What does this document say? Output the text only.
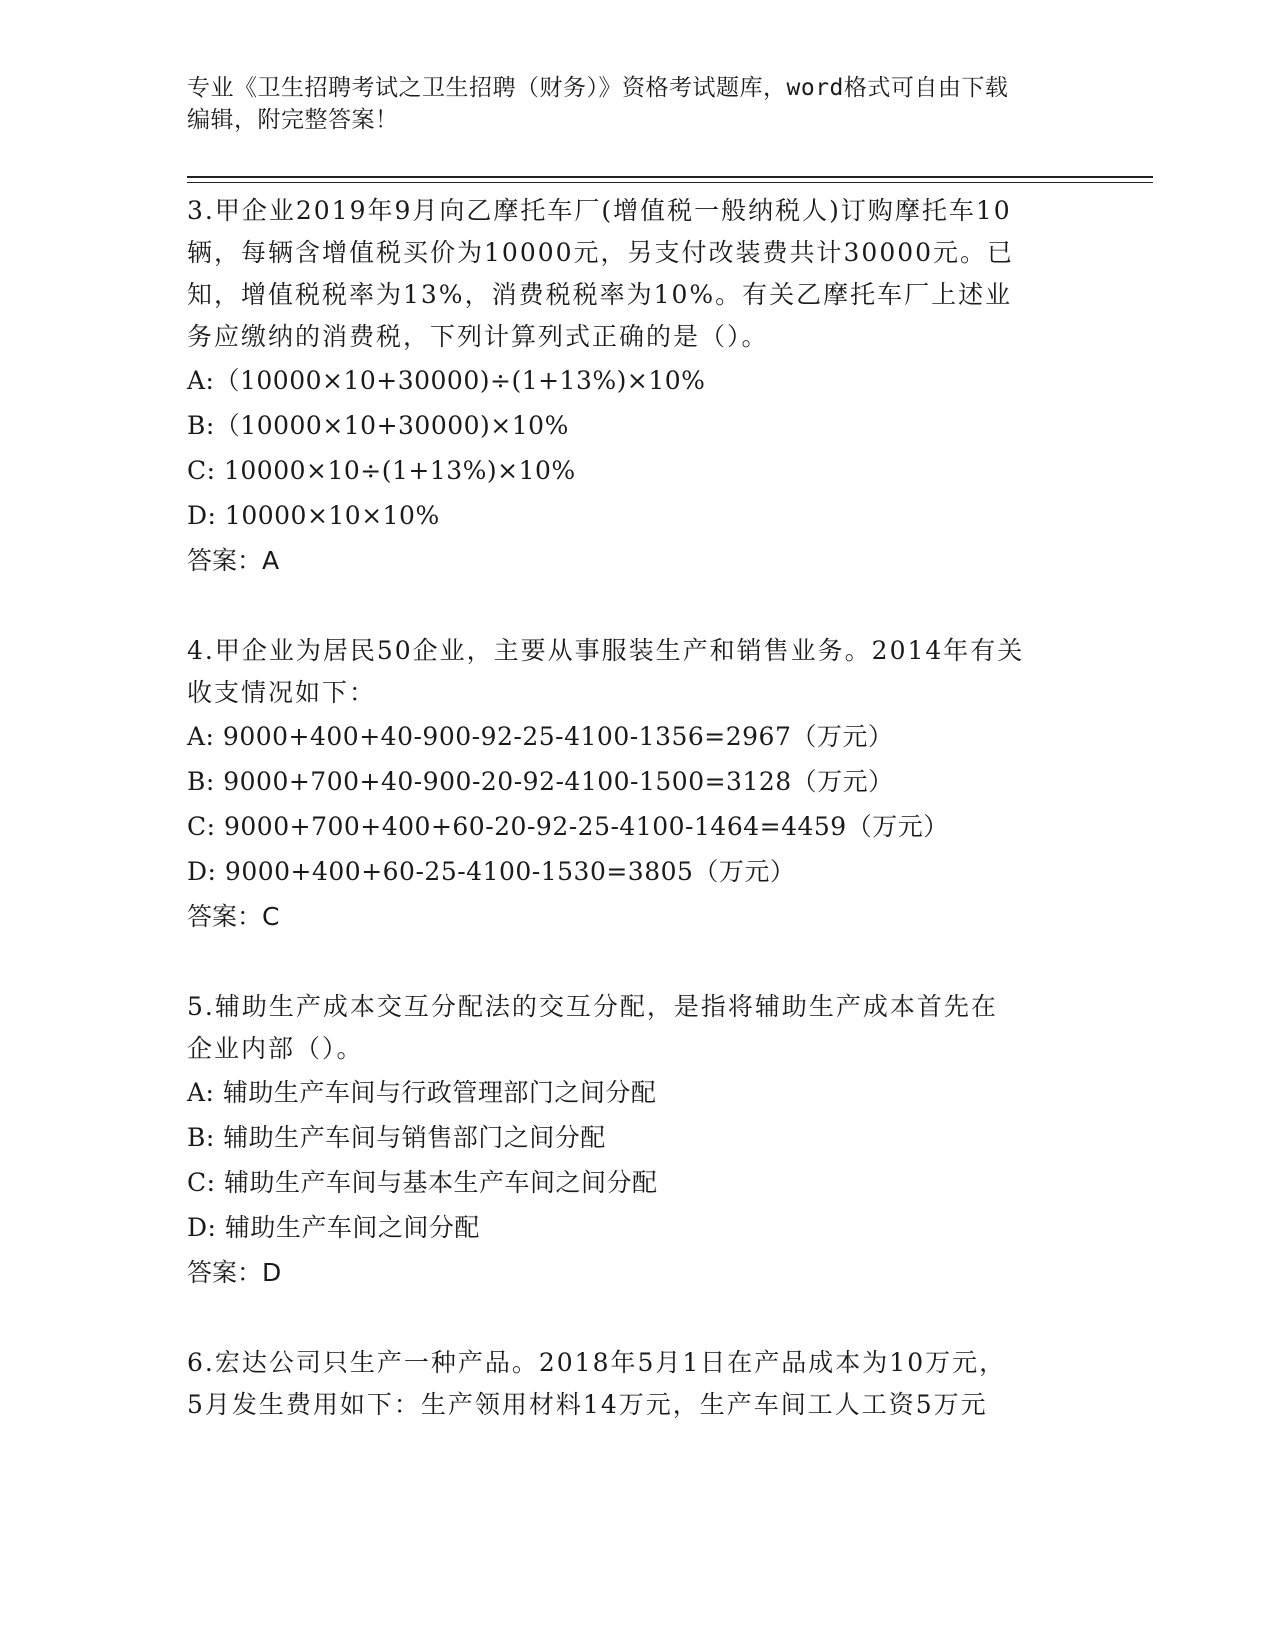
专业《卫生招聘考试之卫生招聘（财务）》资格考试题库，word格式可自由下载
编辑，附完整答案！

3.甲企业2019年9月向乙摩托车厂(增值税一般纳税人)订购摩托车10

辆，每辆含增值税买价为10000元，另支付改装费共计30000元。已

知，增值税税率为13%，消费税税率为10%。有关乙摩托车厂上述业

务应缴纳的消费税，下列计算列式正确的是（）。

A:（10000×10+30000)÷(1+13%)×10%

B:（10000×10+30000)×10%

C: 10000×10÷(1+13%)×10%

D: 10000×10×10%

答案：A

4.甲企业为居民50企业，主要从事服装生产和销售业务。2014年有关

收支情况如下：

A: 9000+400+40-900-92-25-4100-1356=2967（万元）

B: 9000+700+40-900-20-92-4100-1500=3128（万元）

C: 9000+700+400+60-20-92-25-4100-1464=4459（万元）

D: 9000+400+60-25-4100-1530=3805（万元）

答案：C

5.辅助生产成本交互分配法的交互分配，是指将辅助生产成本首先在

企业内部（）。

A: 辅助生产车间与行政管理部门之间分配

B: 辅助生产车间与销售部门之间分配

C: 辅助生产车间与基本生产车间之间分配

D: 辅助生产车间之间分配

答案：D

6.宏达公司只生产一种产品。2018年5月1日在产品成本为10万元，

5月发生费用如下：生产领用材料14万元，生产车间工人工资5万元
